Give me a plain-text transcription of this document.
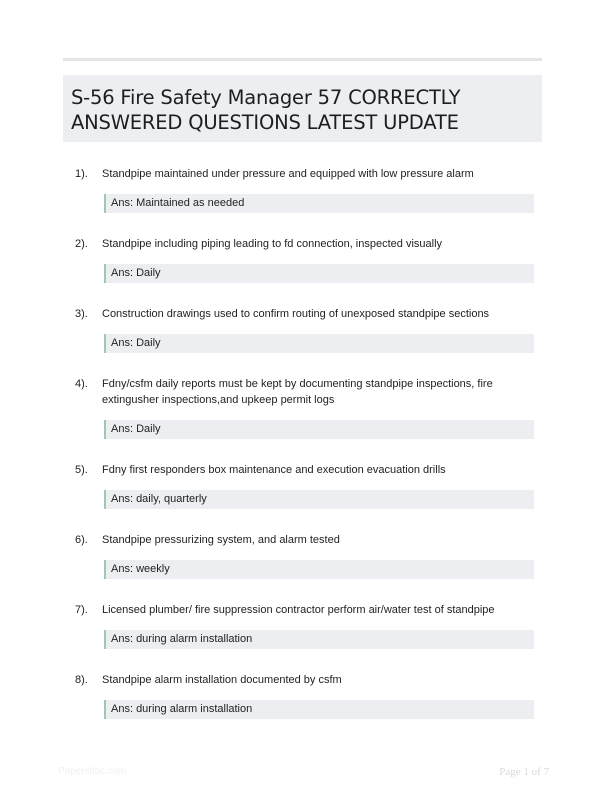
S-56 Fire Safety Manager 57 CORRECTLY ANSWERED QUESTIONS LATEST UPDATE
1).	Standpipe maintained under pressure and equipped with low pressure alarm
Ans: Maintained as needed
2).	Standpipe including piping leading to fd connection, inspected visually
Ans: Daily
3).	Construction drawings used to confirm routing of unexposed standpipe sections
Ans: Daily
4).	Fdny/csfm daily reports must be kept by documenting standpipe inspections, fire extingusher inspections,and upkeep permit logs
Ans: Daily
5).	Fdny first responders box maintenance and execution evacuation drills
Ans: daily, quarterly
6).	Standpipe pressurizing system, and alarm tested
Ans: weekly
7).	Licensed plumber/ fire suppression contractor perform air/water test of standpipe
Ans: during alarm installation
8).	Standpipe alarm installation documented by csfm
Ans: during alarm installation
Paperstitic.com	Page 1 of 7
